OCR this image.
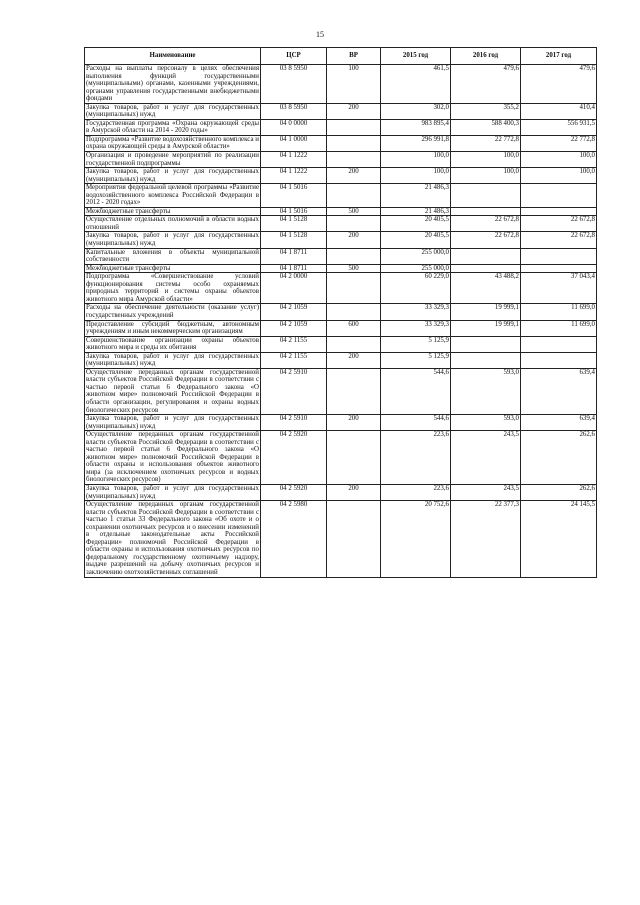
15
Наименование	ЦСР	ВР	2015 год	2016 год	2017 год
Расходы на выплаты персоналу в целях обеспечения выполнения функций государственными (муниципальными) органами, казенными учреждениями, органами управления государственными внебюджетными фондами	03 8 5950	100	461,5	479,6	479,6
Закупка товаров, работ и услуг для государственных (муниципальных) нужд	03 8 5950	200	302,0	355,2	410,4
Государственная программа «Охрана окружающей среды в Амурской области на 2014 - 2020 годы»	04 0 0000		983 895,4	588 400,3	556 931,5
Подпрограмма «Развитие водохозяйственного комплекса и охрана окружающей среды в Амурской области»	04 1 0000		296 991,8	22 772,8	22 772,8
Организация и проведение мероприятий по реализации государственной подпрограммы	04 1 1222		100,0	100,0	100,0
Закупка товаров, работ и услуг для государственных (муниципальных) нужд	04 1 1222	200	100,0	100,0	100,0
Мероприятия федеральной целевой программы «Развитие водохозяйственного комплекса Российской Федерации в 2012 - 2020 годах»	04 1 5016		21 486,3		
Межбюджетные трансферты	04 1 5016	500	21 486,3		
Осуществление отдельных полномочий в области водных отношений	04 1 5128		20 405,5	22 672,8	22 672,8
Закупка товаров, работ и услуг для государственных (муниципальных) нужд	04 1 5128	200	20 405,5	22 672,8	22 672,8
Капитальные вложения в объекты муниципальной собственности	04 1 8711		255 000,0		
Межбюджетные трансферты	04 1 8711	500	255 000,0		
Подпрограмма «Совершенствование условий функционирования системы особо охраняемых природных территорий и системы охраны объектов животного мира Амурской области»	04 2 0000		60 229,0	43 488,2	37 043,4
Расходы на обеспечение деятельности (оказание услуг) государственных учреждений	04 2 1059		33 329,3	19 999,1	11 699,0
Предоставление субсидий бюджетным, автономным учреждениям и иным некоммерческим организациям	04 2 1059	600	33 329,3	19 999,1	11 699,0
Совершенствование организации охраны объектов животного мира и среды их обитания	04 2 1155		5 125,9		
Закупка товаров, работ и услуг для государственных (муниципальных) нужд	04 2 1155	200	5 125,9		
Осуществление переданных органам государственной власти субъектов Российской Федерации в соответствии с частью первой статьи 6 Федерального закона «О животном мире» полномочий Российской Федерации в области организации, регулирования и охраны водных биологических ресурсов	04 2 5910		544,6	593,0	639,4
Закупка товаров, работ и услуг для государственных (муниципальных) нужд	04 2 5910	200	544,6	593,0	639,4
Осуществление переданных органам государственной власти субъектов Российской Федерации в соответствии с частью первой статьи 6 Федерального закона «О животном мире» полномочий Российской Федерации в области охраны и использования объектов животного мира (за исключением охотничьих ресурсов и водных биологических ресурсов)	04 2 5920		223,6	243,5	262,6
Закупка товаров, работ и услуг для государственных (муниципальных) нужд	04 2 5920	200	223,6	243,5	262,6
Осуществление переданных органам государственной власти субъектов Российской Федерации в соответствии с частью 1 статьи 33 Федерального закона «Об охоте и о сохранении охотничьих ресурсов и о внесении изменений в отдельные законодательные акты Российской Федерации» полномочий Российской Федерации в области охраны и использования охотничьих ресурсов по федеральному государственному охотничьему надзору, выдаче разрешений на добычу охотничьих ресурсов и заключению охотхозяйственных соглашений	04 2 5980		20 752,6	22 377,3	24 145,5
